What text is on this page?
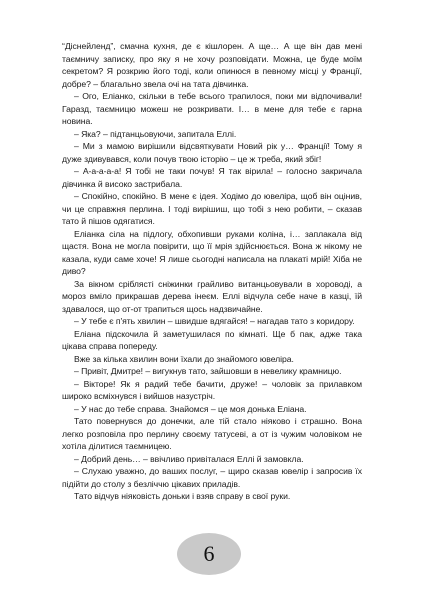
“Діснейленд”, смачна кухня, де є кішлорен. А ще… А ще він дав мені таємничу записку, про яку я не хочу розповідати. Можна, це буде моїм секретом? Я розкрию його тоді, коли опинюся в певному місці у Франції, добре? – благально звела очі на тата дівчинка.

– Ого, Еліанко, скільки в тебе всього трапилося, поки ми відпочивали! Гаразд, таємницю можеш не розкривати. І… в мене для тебе є гарна новина.

– Яка? – підтанцьовуючи, запитала Еллі.

– Ми з мамою вирішили відсвяткувати Новий рік у… Франції! Тому я дуже здивувався, коли почув твою історію – це ж треба, який збіг!

– А-а-а-а-а! Я тобі не таки почув! Я так вірила! – голосно закричала дівчинка й високо застрибала.

– Спокійно, спокійно. В мене є ідея. Ходімо до ювеліра, щоб він оцінив, чи це справжня перлина. І тоді вирішиш, що тобі з нею робити, – сказав тато й пішов одягатися.

Еліанка сіла на підлогу, обхопивши руками коліна, і… заплакала від щастя. Вона не могла повірити, що її мрія здійснюється. Вона ж нікому не казала, куди саме хоче! Я лише сьогодні написала на плакаті мрій! Хіба не диво?

За вікном сріблясті сніжинки грайливо витанцьовували в хороводі, а мороз вміло прикрашав дерева інеєм. Еллі відчула себе наче в казці, їй здавалося, що от-от трапиться щось надзвичайне.

– У тебе є п'ять хвилин – швидше вдягайся! – нагадав тато з коридору.

Еліана підскочила й заметушилася по кімнаті. Ще б пак, адже така цікава справа попереду.

Вже за кілька хвилин вони їхали до знайомого ювеліра.

– Привіт, Дмитре! – вигукнув тато, зайшовши в невелику крамницю.

– Вікторе! Як я радий тебе бачити, друже! – чоловік за прилавком широко всміхнувся і вийшов назустріч.

– У нас до тебе справа. Знайомся – це моя донька Еліана.

Тато повернувся до донечки, але тій стало ніяково і страшно. Вона легко розповіла про перлину своєму татусеві, а от із чужим чоловіком не хотіла ділитися таємницею.

– Добрий день… – ввічливо привіталася Еллі й замовкла.

– Слухаю уважно, до ваших послуг, – щиро сказав ювелір і запросив їх підійти до столу з безліччю цікавих приладів.

Тато відчув ніяковість доньки і взяв справу в свої руки.

6
